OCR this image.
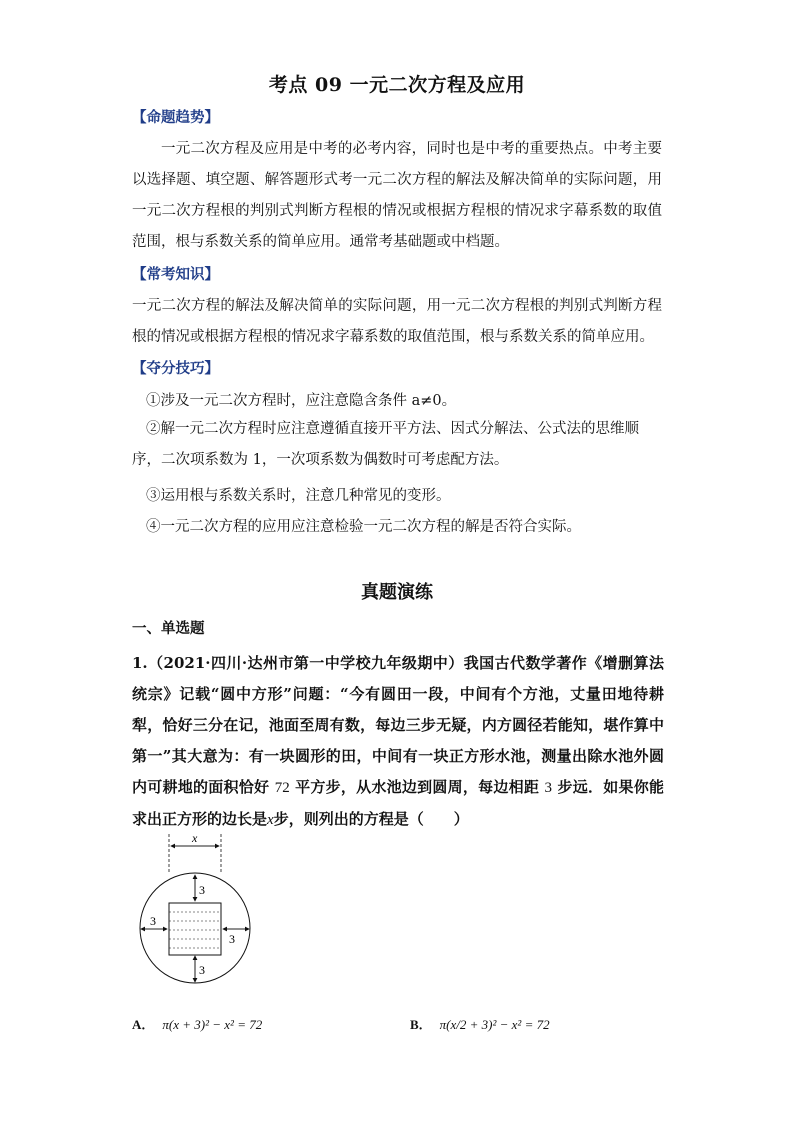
考点 09 一元二次方程及应用
【命题趋势】

一元二次方程及应用是中考的必考内容，同时也是中考的重要热点。中考主要以选择题、填空题、解答题形式考一元二次方程的解法及解决简单的实际问题，用一元二次方程根的判别式判断方程根的情况或根据方程根的情况求字幕系数的取值范围，根与系数关系的简单应用。通常考基础题或中档题。

【常考知识】

一元二次方程的解法及解决简单的实际问题，用一元二次方程根的判别式判断方程根的情况或根据方程根的情况求字幕系数的取值范围，根与系数关系的简单应用。

【夺分技巧】
①涉及一元二次方程时，应注意隐含条件 a≠0。

②解一元二次方程时应注意遵循直接开平方法、因式分解法、公式法的思维顺序，二次项系数为 1，一次项系数为偶数时可考虑配方法。

③运用根与系数关系时，注意几种常见的变形。
④一元二次方程的应用应注意检验一元二次方程的解是否符合实际。
真题演练
一、单选题

1.（2021·四川·达州市第一中学校九年级期中）我国古代数学著作《增删算法统宗》记载“圆中方形”问题：“今有圆田一段，中间有个方池，丈量田地待耕犁，恰好三分在记，池面至周有数，每边三步无疑，内方圆径若能知，堪作算中第一”其大意为：有一块圆形的田，中间有一块正方形水池，测量出除水池外圆内可耕地的面积恰好 72 平方步，从水池边到圆周，每边相距 3 步远．如果你能求出正方形的边长是x步，则列出的方程是（　　）

x
3
3
3
3
A． π(x + 3)² − x² = 72	B． π(x/2 + 3)² − x² = 72
